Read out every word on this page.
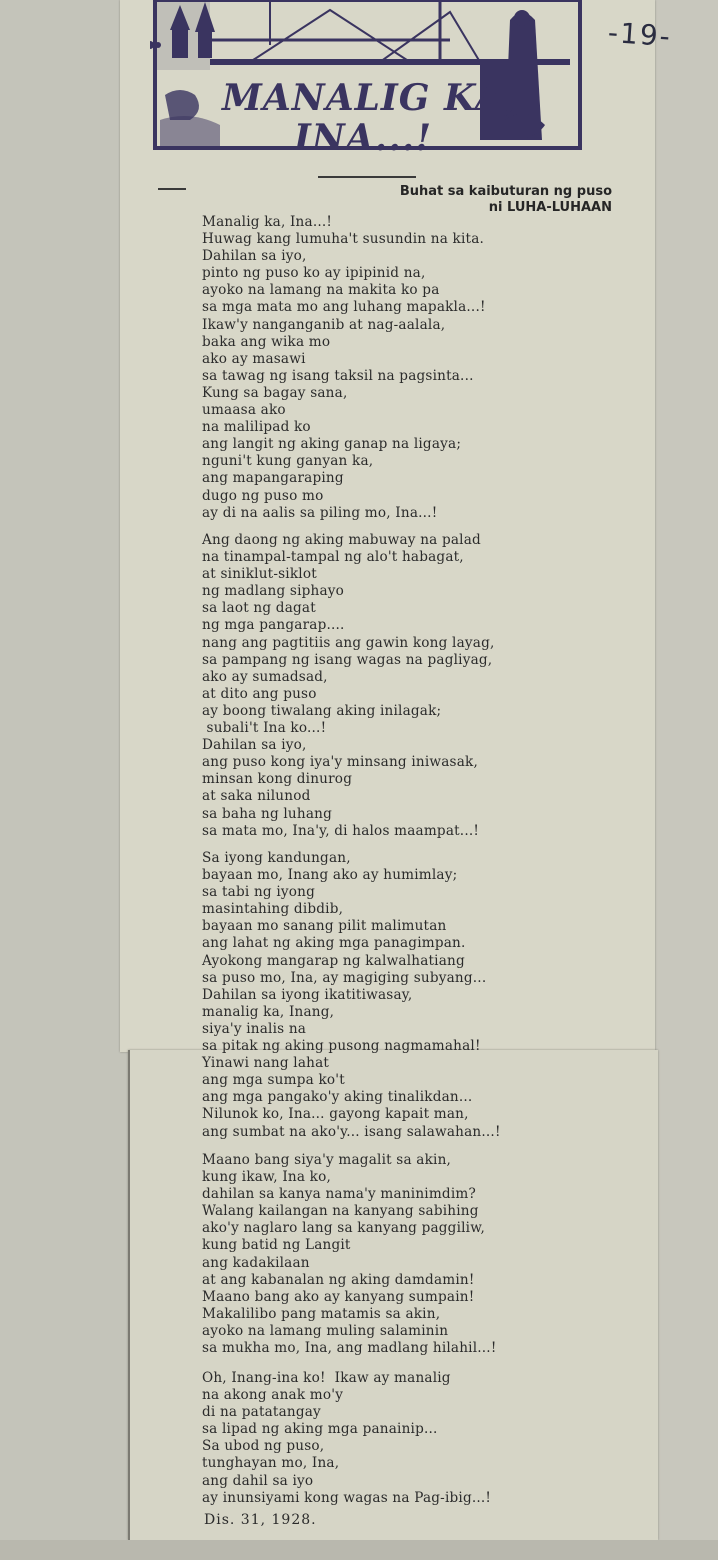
-19-
MANALIG KA,
INA...!
Buhat sa kaibuturan ng puso
ni LUHA-LUHAAN
Manalig ka, Ina...!
Huwag kang lumuha't susundin na kita.
Dahilan sa iyo,
pinto ng puso ko ay ipipinid na,
ayoko na lamang na makita ko pa
sa mga mata mo ang luhang mapakla...!
Ikaw'y nanganganib at nag-aalala,
baka ang wika mo
ako ay masawi
sa tawag ng isang taksil na pagsinta...
Kung sa bagay sana,
umaasa ako
na malilipad ko
ang langit ng aking ganap na ligaya;
nguni't kung ganyan ka,
ang mapangaraping
dugo ng puso mo
ay di na aalis sa piling mo, Ina...!
Ang daong ng aking mabuway na palad
na tinampal-tampal ng alo't habagat,
at siniklut-siklot
ng madlang siphayo
sa laot ng dagat
ng mga pangarap....
nang ang pagtitiis ang gawin kong layag,
sa pampang ng isang wagas na pagliyag,
ako ay sumadsad,
at dito ang puso
ay boong tiwalang aking inilagak;
subali't Ina ko...!
Dahilan sa iyo,
ang puso kong iya'y minsang iniwasak,
minsan kong dinurog
at saka nilunod
sa baha ng luhang
sa mata mo, Ina'y, di halos maampat...!
Sa iyong kandungan,
bayaan mo, Inang ako ay humimlay;
sa tabi ng iyong
masintahing dibdib,
bayaan mo sanang pilit malimutan
ang lahat ng aking mga panagimpan.
Ayokong mangarap ng kalwalhatiang
sa puso mo, Ina, ay magiging subyang...
Dahilan sa iyong ikatitiwasay,
manalig ka, Inang,
siya'y inalis na
sa pitak ng aking pusong nagmamahal!
Yinawi nang lahat
ang mga sumpa ko't
ang mga pangako'y aking tinalikdan...
Nilunok ko, Ina... gayong kapait man,
ang sumbat na ako'y... isang salawahan...!
Maano bang siya'y magalit sa akin,
kung ikaw, Ina ko,
dahilan sa kanya nama'y maninimdim?
Walang kailangan na kanyang sabihing
ako'y naglaro lang sa kanyang paggiliw,
kung batid ng Langit
ang kadakilaan
at ang kabanalan ng aking damdamin!
Maano bang ako ay kanyang sumpain!
Makalilibo pang matamis sa akin,
ayoko na lamang muling salaminin
sa mukha mo, Ina, ang madlang hilahil...!
Oh, Inang-ina ko!  Ikaw ay manalig
na akong anak mo'y
di na patatangay
sa lipad ng aking mga panainip...
Sa ubod ng puso,
tunghayan mo, Ina,
ang dahil sa iyo
ay inunsiyami kong wagas na Pag-ibig...!
Dis. 31, 1928.
